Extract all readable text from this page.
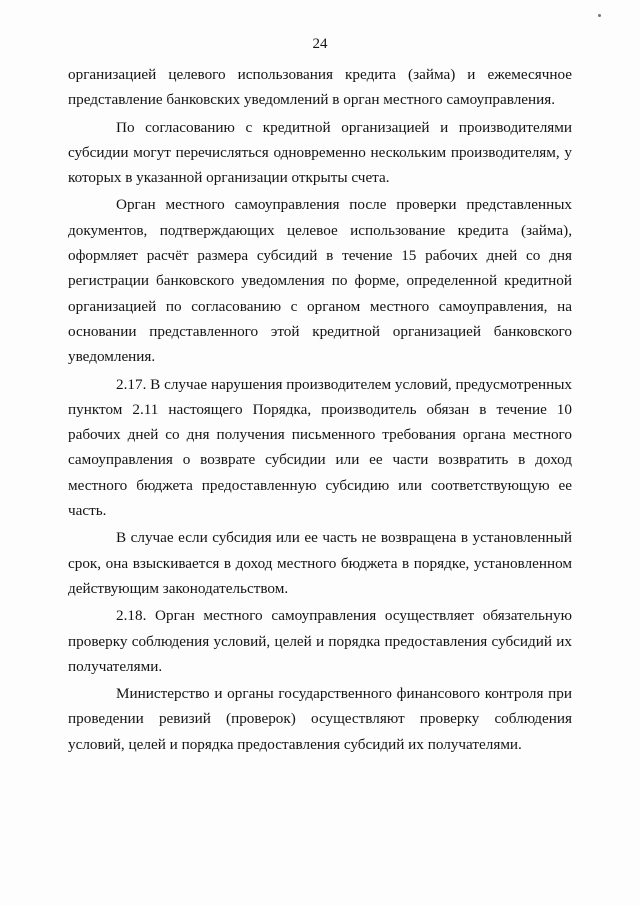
24

организацией целевого использования кредита (займа) и ежемесячное представление банковских уведомлений в орган местного самоуправления.

По согласованию с кредитной организацией и производителями субсидии могут перечисляться одновременно нескольким производителям, у которых в указанной организации открыты счета.

Орган местного самоуправления после проверки представленных документов, подтверждающих целевое использование кредита (займа), оформляет расчёт размера субсидий в течение 15 рабочих дней со дня регистрации банковского уведомления по форме, определенной кредитной организацией по согласованию с органом местного самоуправления, на основании представленного этой кредитной организацией банковского уведомления.

2.17. В случае нарушения производителем условий, предусмотренных пунктом 2.11 настоящего Порядка, производитель обязан в течение 10 рабочих дней со дня получения письменного требования органа местного самоуправления о возврате субсидии или ее части возвратить в доход местного бюджета предоставленную субсидию или соответствующую ее часть.

В случае если субсидия или ее часть не возвращена в установленный срок, она взыскивается в доход местного бюджета в порядке, установленном действующим законодательством.

2.18. Орган местного самоуправления осуществляет обязательную проверку соблюдения условий, целей и порядка предоставления субсидий их получателями.

Министерство и органы государственного финансового контроля при проведении ревизий (проверок) осуществляют проверку соблюдения условий, целей и порядка предоставления субсидий их получателями.
